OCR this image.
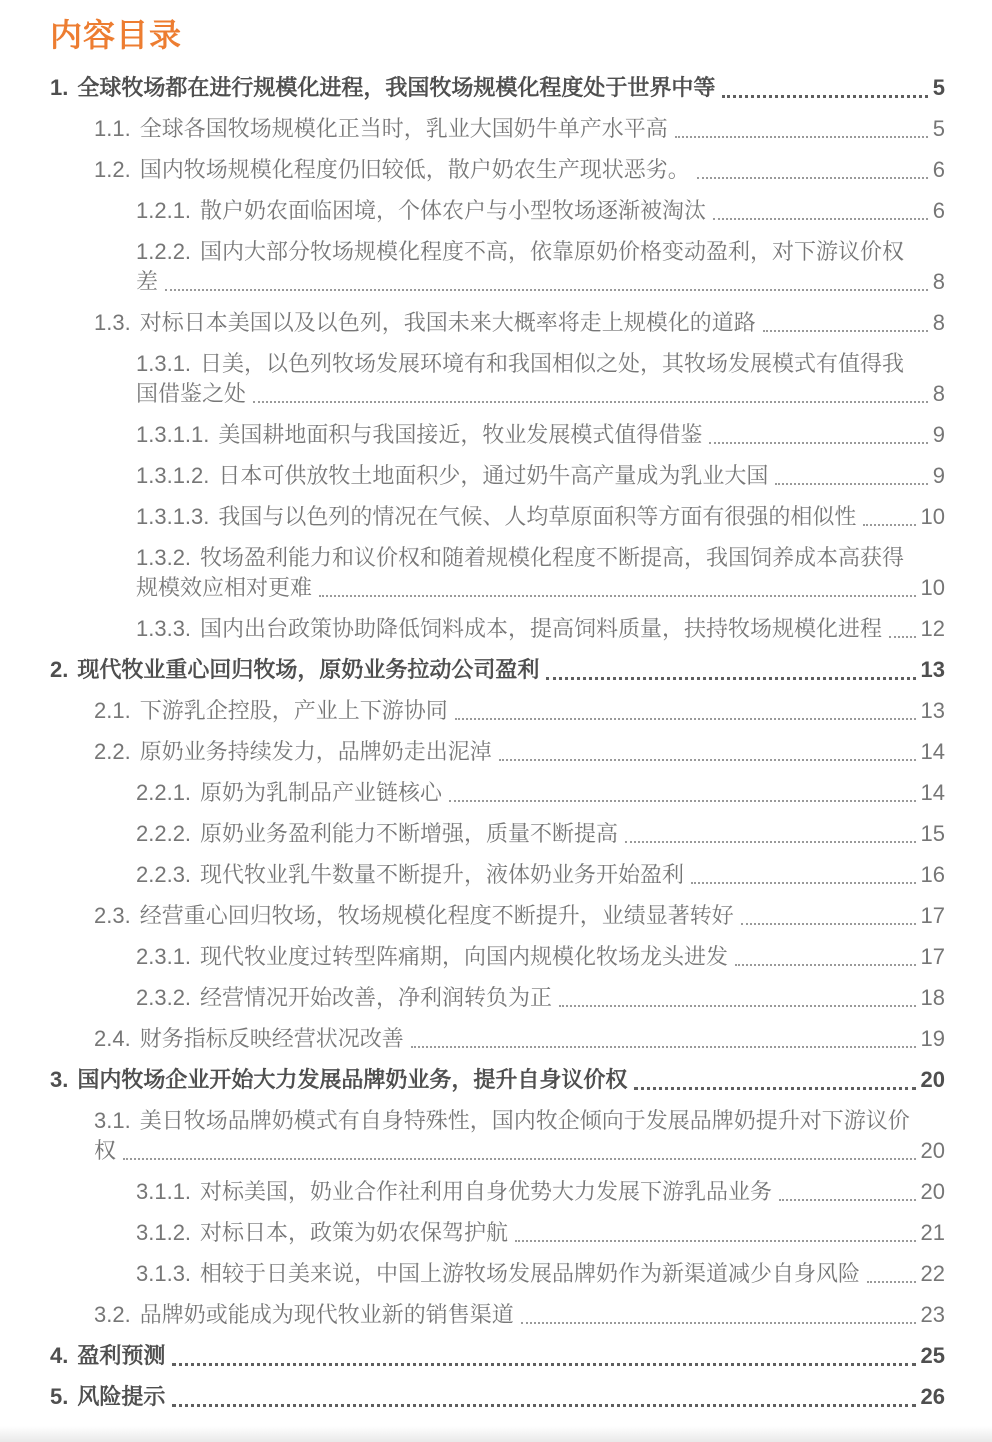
内容目录
1. 全球牧场都在进行规模化进程，我国牧场规模化程度处于世界中等	5
1.1. 全球各国牧场规模化正当时，乳业大国奶牛单产水平高	5
1.2. 国内牧场规模化程度仍旧较低，散户奶农生产现状恶劣。	6
1.2.1. 散户奶农面临困境，个体农户与小型牧场逐渐被淘汰	6
1.2.2. 国内大部分牧场规模化程度不高，依靠原奶价格变动盈利，对下游议价权
差	8
1.3. 对标日本美国以及以色列，我国未来大概率将走上规模化的道路	8
1.3.1. 日美，以色列牧场发展环境有和我国相似之处，其牧场发展模式有值得我
国借鉴之处	8
1.3.1.1. 美国耕地面积与我国接近，牧业发展模式值得借鉴	9
1.3.1.2. 日本可供放牧土地面积少，通过奶牛高产量成为乳业大国	9
1.3.1.3. 我国与以色列的情况在气候、人均草原面积等方面有很强的相似性	10
1.3.2. 牧场盈利能力和议价权和随着规模化程度不断提高，我国饲养成本高获得
规模效应相对更难	10
1.3.3. 国内出台政策协助降低饲料成本，提高饲料质量，扶持牧场规模化进程 12
2. 现代牧业重心回归牧场，原奶业务拉动公司盈利	13
2.1. 下游乳企控股，产业上下游协同	13
2.2. 原奶业务持续发力，品牌奶走出泥淖	14
2.2.1. 原奶为乳制品产业链核心	14
2.2.2. 原奶业务盈利能力不断增强，质量不断提高	15
2.2.3. 现代牧业乳牛数量不断提升，液体奶业务开始盈利	16
2.3. 经营重心回归牧场，牧场规模化程度不断提升，业绩显著转好	17
2.3.1. 现代牧业度过转型阵痛期，向国内规模化牧场龙头进发	17
2.3.2. 经营情况开始改善，净利润转负为正	18
2.4. 财务指标反映经营状况改善	19
3. 国内牧场企业开始大力发展品牌奶业务，提升自身议价权	20
3.1. 美日牧场品牌奶模式有自身特殊性，国内牧企倾向于发展品牌奶提升对下游议价
权	20
3.1.1. 对标美国，奶业合作社利用自身优势大力发展下游乳品业务	20
3.1.2. 对标日本，政策为奶农保驾护航	21
3.1.3. 相较于日美来说，中国上游牧场发展品牌奶作为新渠道减少自身风险	22
3.2. 品牌奶或能成为现代牧业新的销售渠道	23
4. 盈利预测	25
5. 风险提示	26
